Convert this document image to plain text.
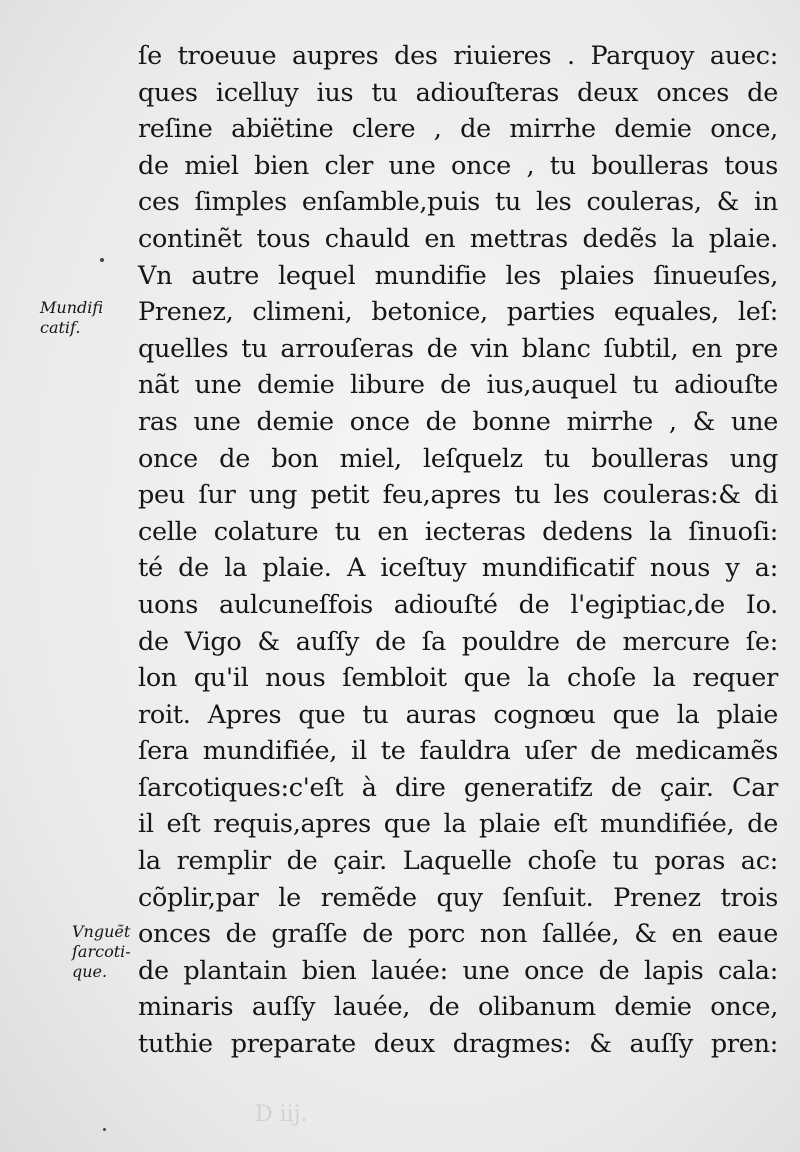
ſe troeuue aupres des riuieres . Parquoy auec:
ques icelluy ius tu adiouſteras deux onces de
reſine abiëtine clere , de mirrhe demie once,
de miel bien cler une once , tu boulleras tous
ces ſimples enſamble,puis tu les couleras, & in
continẽt tous chauld en mettras dedẽs la plaie.
Vn autre lequel mundifie les plaies ſinueuſes,
Prenez, climeni, betonice, parties equales, leſ:
quelles tu arrouſeras de vin blanc ſubtil, en pre
nãt une demie libure de ius,auquel tu adiouſte
ras une demie once de bonne mirrhe , & une
once de bon miel, leſquelz tu boulleras ung
peu ſur ung petit feu,apres tu les couleras:& di
celle colature tu en iecteras dedens la ſinuoſi:
té de la plaie. A iceſtuy mundificatif nous y a:
uons aulcuneſfois adiouſté de l'egiptiac,de Io.
de Vigo & auſſy de ſa pouldre de mercure ſe:
lon qu'il nous ſembloit que la choſe la requer
roit. Apres que tu auras cognœu que la plaie
ſera mundifiée, il te fauldra uſer de medicamẽs
ſarcotiques:c'eſt à dire generatifz de çair. Car
il eſt requis,apres que la plaie eſt mundifiée, de
la remplir de çair. Laquelle choſe tu poras ac:
cõplir,par le remẽde quy ſenſuit. Prenez trois
onces de graſſe de porc non ſallée, & en eaue
de plantain bien lauée: une once de lapis cala:
minaris auſſy lauée, de olibanum demie once,
tuthie preparate deux dragmes: & auſſy pren:
Mundifi
catif.
Vnguẽt
ſarcoti-
que.
D iij.
